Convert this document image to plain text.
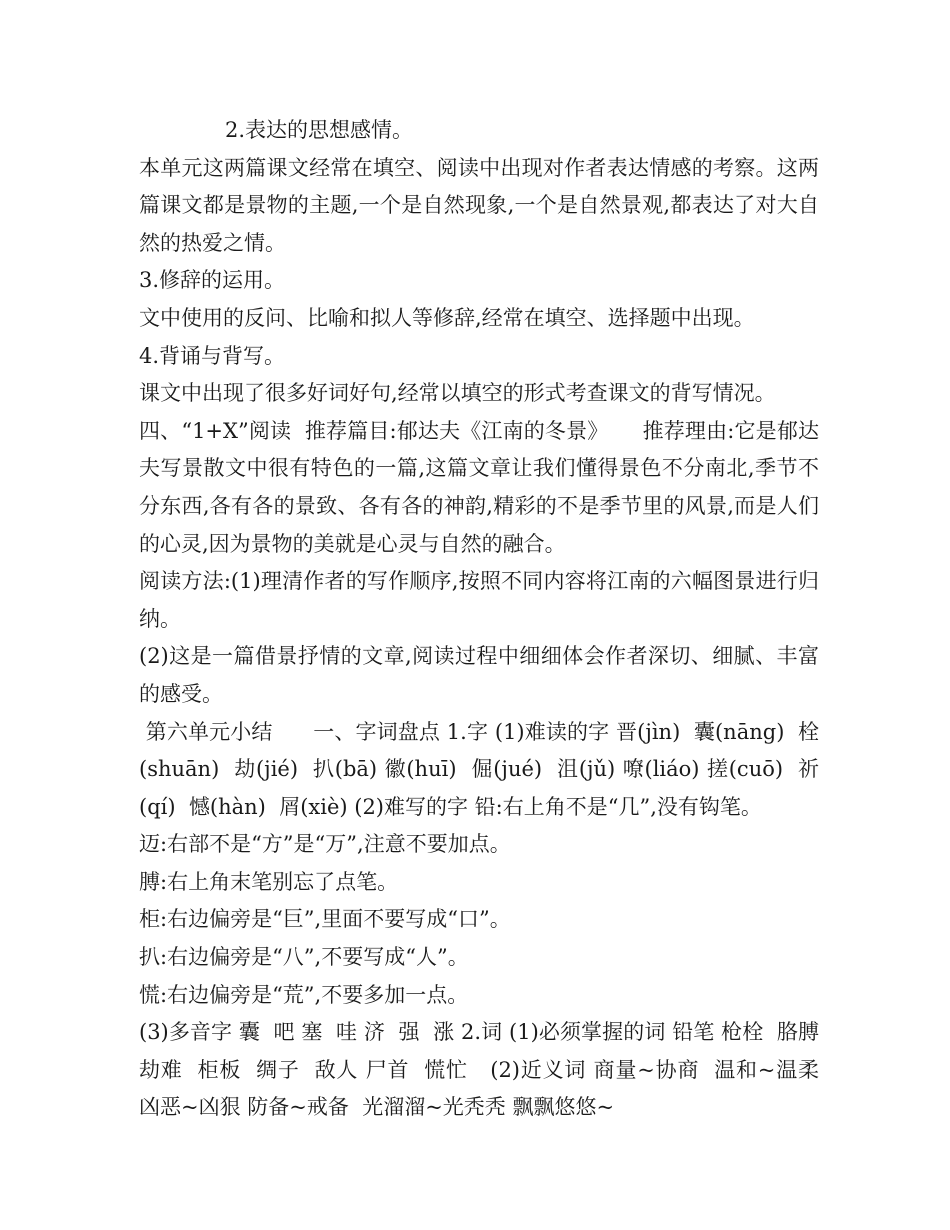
2.表达的思想感情。

本单元这两篇课文经常在填空、阅读中出现对作者表达情感的考察。这两篇课文都是景物的主题,一个是自然现象,一个是自然景观,都表达了对大自然的热爱之情。

3.修辞的运用。

文中使用的反问、比喻和拟人等修辞,经常在填空、选择题中出现。

4.背诵与背写。

课文中出现了很多好词好句,经常以填空的形式考查课文的背写情况。

四、“1+X”阅读  推荐篇目:郁达夫《江南的冬景》     推荐理由:它是郁达夫写景散文中很有特色的一篇,这篇文章让我们懂得景色不分南北,季节不分东西,各有各的景致、各有各的神韵,精彩的不是季节里的风景,而是人们的心灵,因为景物的美就是心灵与自然的融合。

阅读方法:(1)理清作者的写作顺序,按照不同内容将江南的六幅图景进行归纳。

(2)这是一篇借景抒情的文章,阅读过程中细细体会作者深切、细腻、丰富的感受。

第六单元小结      一、字词盘点 1.字 (1)难读的字 晋(jìn)  囊(nāng)  栓(shuān)  劫(jié)  扒(bā) 徽(huī)  倔(jué)  沮(jǔ) 嘹(liáo) 搓(cuō)  祈(qí)  憾(hàn)  屑(xiè) (2)难写的字 铅:右上角不是“几”,没有钩笔。

迈:右部不是“方”是“万”,注意不要加点。

膊:右上角末笔别忘了点笔。

柜:右边偏旁是“巨”,里面不要写成“口”。

扒:右边偏旁是“八”,不要写成“人”。

慌:右边偏旁是“荒”,不要多加一点。

(3)多音字 囊  吧 塞  哇 济  强  涨 2.词 (1)必须掌握的词 铅笔 枪栓  胳膊  劫难  柜板  绸子  敌人 尸首  慌忙   (2)近义词 商量~协商  温和~温柔  凶恶~凶狠 防备~戒备  光溜溜~光秃秃 飘飘悠悠~
